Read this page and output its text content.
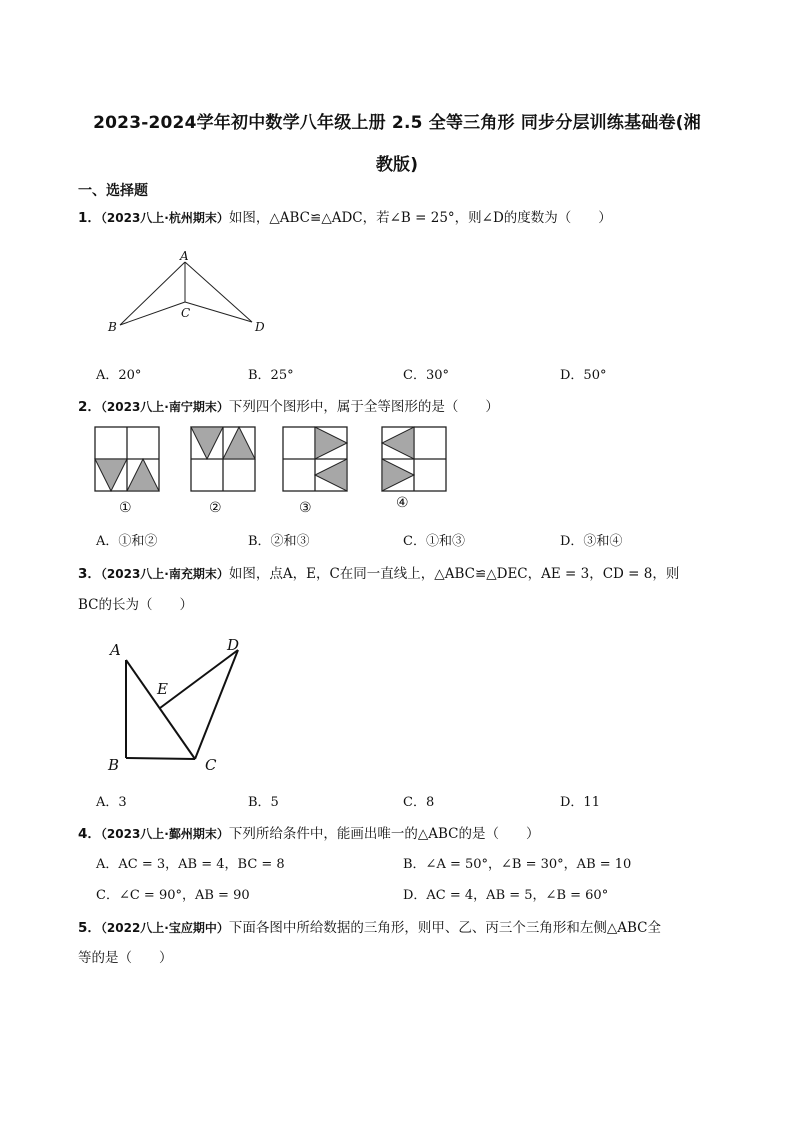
2023-2024学年初中数学八年级上册 2.5 全等三角形 同步分层训练基础卷(湘
教版)
一、选择题
1．（2023八上·杭州期末）如图，△ABC≌△ADC，若∠B = 25°，则∠D的度数为（　　）
A
B
C
D
A．20°	B．25°	C．30°	D．50°
2．（2023八上·南宁期末）下列四个图形中，属于全等图形的是（　　）
①	②	③	④
A．①和②	B．②和③	C．①和③	D．③和④
3．（2023八上·南充期末）如图，点A，E，C在同一直线上，△ABC≌△DEC，AE = 3，CD = 8，则
BC的长为（　　）
A
B	C
D
E
A．3	B．5	C．8	D．11
4．（2023八上·鄞州期末）下列所给条件中，能画出唯一的△ABC的是（　　）
A．AC = 3，AB = 4，BC = 8	B．∠A = 50°，∠B = 30°，AB = 10
C．∠C = 90°，AB = 90	D．AC = 4，AB = 5，∠B = 60°
5．（2022八上·宝应期中）下面各图中所给数据的三角形，则甲、乙、丙三个三角形和左侧△ABC全
等的是（　　）
